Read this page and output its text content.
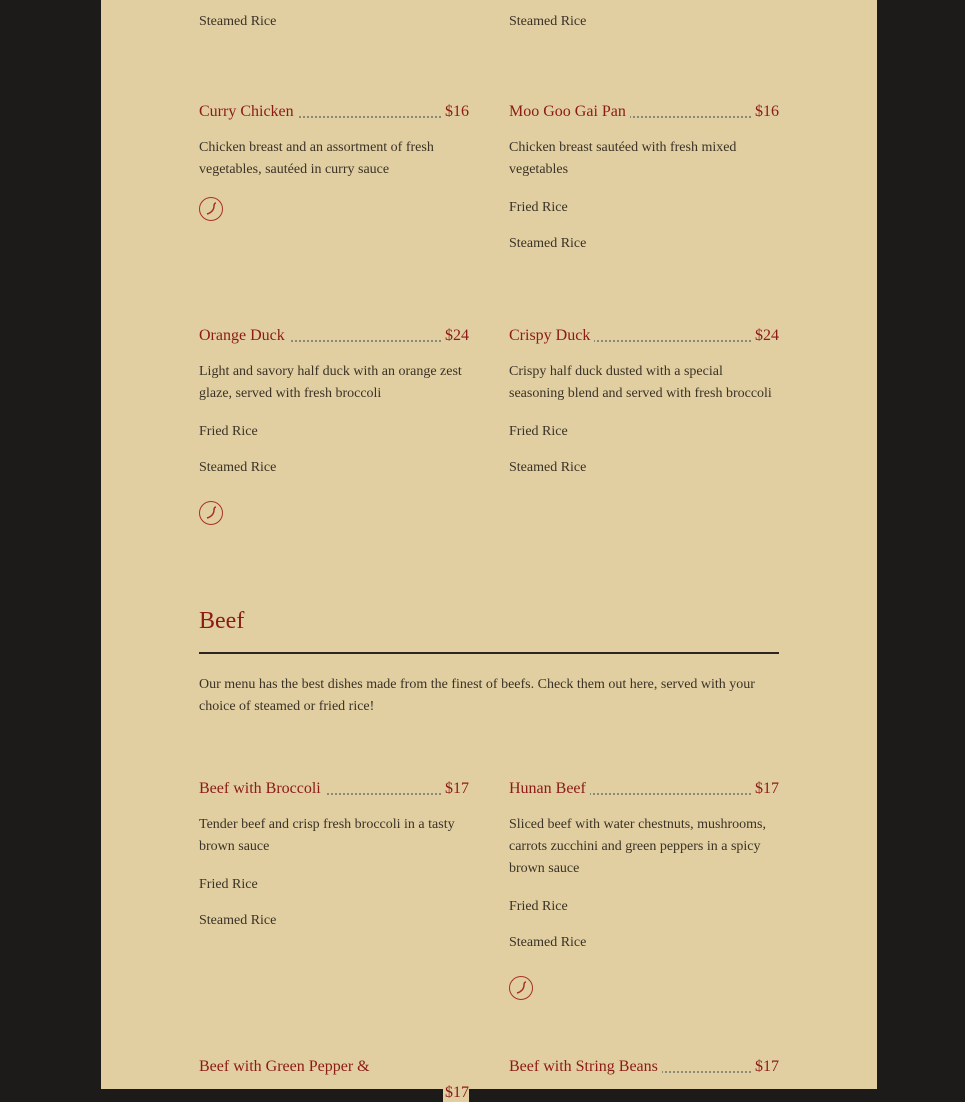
Steamed Rice	Steamed Rice
Curry Chicken	$16
Chicken breast and an assortment of fresh vegetables, sautéed in curry sauce
Moo Goo Gai Pan	$16
Chicken breast sautéed with fresh mixed vegetables
Fried Rice
Steamed Rice
Orange Duck	$24
Light and savory half duck with an orange zest glaze, served with fresh broccoli
Fried Rice
Steamed Rice
Crispy Duck	$24
Crispy half duck dusted with a special seasoning blend and served with fresh broccoli
Fried Rice
Steamed Rice
Beef
Our menu has the best dishes made from the finest of beefs. Check them out here, served with your choice of steamed or fried rice!
Beef with Broccoli	$17
Tender beef and crisp fresh broccoli in a tasty brown sauce
Fried Rice
Steamed Rice
Hunan Beef	$17
Sliced beef with water chestnuts, mushrooms, carrots zucchini and green peppers in a spicy brown sauce
Fried Rice
Steamed Rice
Beef with Green Pepper &
$17
Beef with String Beans	$17
